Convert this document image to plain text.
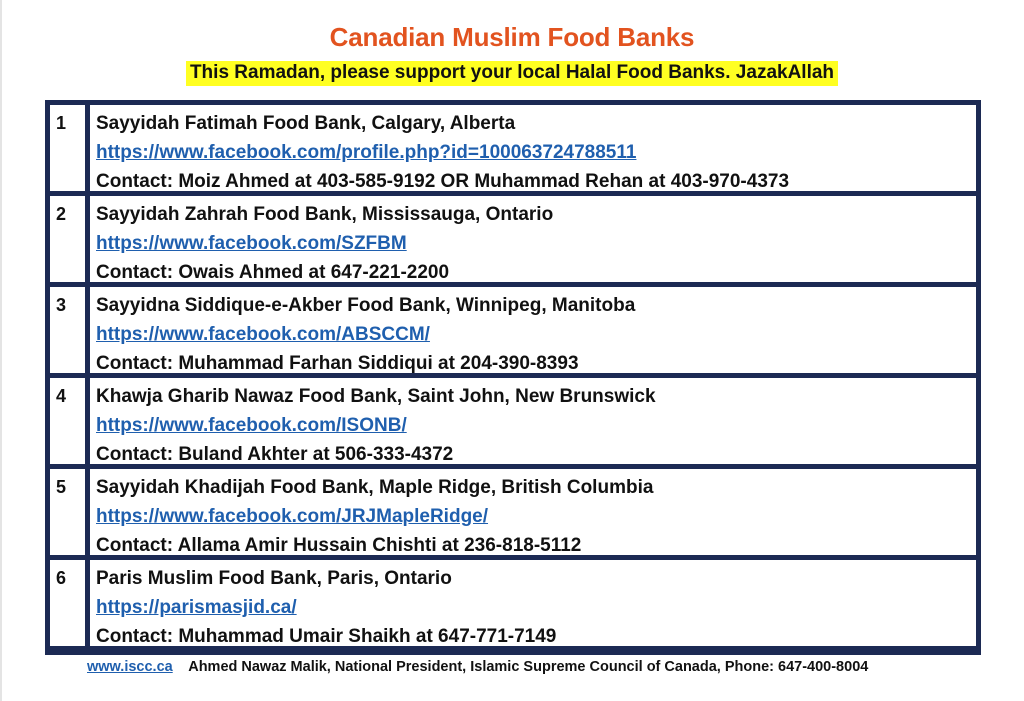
Canadian Muslim Food Banks
This Ramadan, please support your local Halal Food Banks. JazakAllah
1	Sayyidah Fatimah Food Bank, Calgary, Alberta
https://www.facebook.com/profile.php?id=100063724788511
Contact: Moiz Ahmed at 403-585-9192 OR Muhammad Rehan at 403-970-4373
2	Sayyidah Zahrah Food Bank, Mississauga, Ontario
https://www.facebook.com/SZFBM
Contact: Owais Ahmed at 647-221-2200
3	Sayyidna Siddique-e-Akber Food Bank, Winnipeg, Manitoba
https://www.facebook.com/ABSCCM/
Contact: Muhammad Farhan Siddiqui at 204-390-8393
4	Khawja Gharib Nawaz Food Bank, Saint John, New Brunswick
https://www.facebook.com/ISONB/
Contact: Buland Akhter at 506-333-4372
5	Sayyidah Khadijah Food Bank, Maple Ridge, British Columbia
https://www.facebook.com/JRJMapleRidge/
Contact: Allama Amir Hussain Chishti at 236-818-5112
6	Paris Muslim Food Bank, Paris, Ontario
https://parismasjid.ca/
Contact: Muhammad Umair Shaikh at 647-771-7149
www.iscc.ca Ahmed Nawaz Malik, National President, Islamic Supreme Council of Canada, Phone: 647-400-8004
